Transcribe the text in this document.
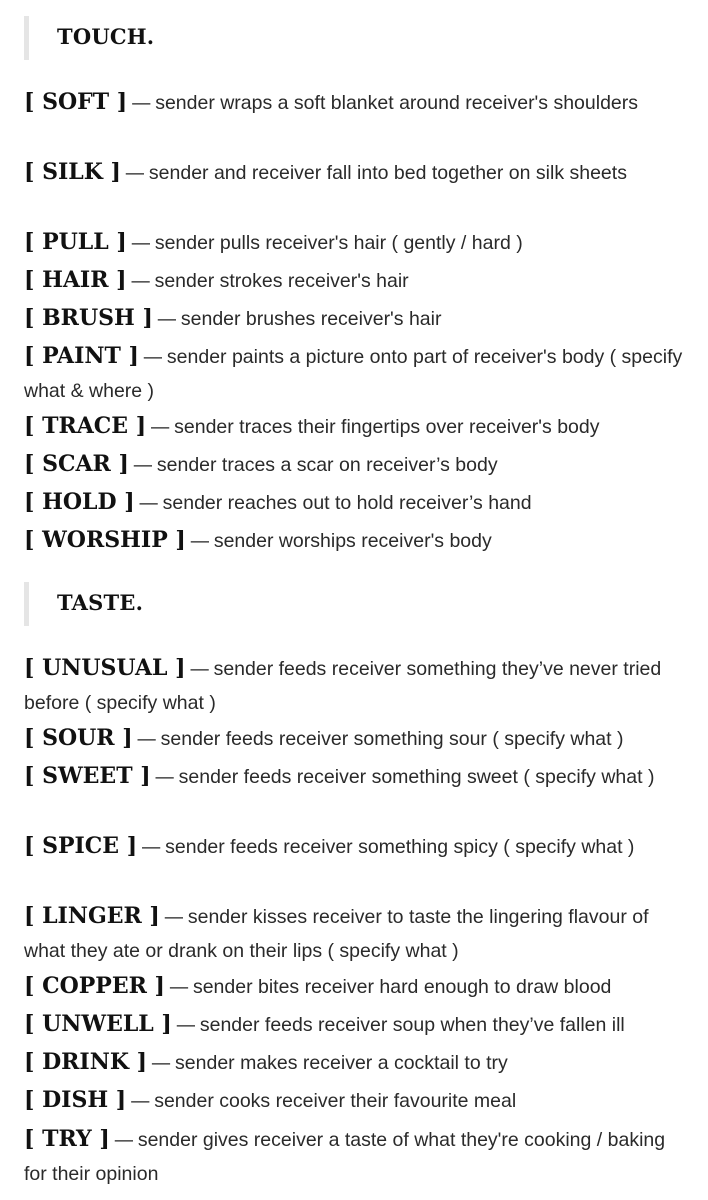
TOUCH.
[ SOFT ] — sender wraps a soft blanket around receiver's shoulders
[ SILK ] — sender and receiver fall into bed together on silk sheets
[ PULL ] — sender pulls receiver's hair ( gently / hard )
[ HAIR ] — sender strokes receiver's hair
[ BRUSH ] — sender brushes receiver's hair
[ PAINT ] — sender paints a picture onto part of receiver's body ( specify what & where )
[ TRACE ] — sender traces their fingertips over receiver's body
[ SCAR ] — sender traces a scar on receiver’s body
[ HOLD ] — sender reaches out to hold receiver’s hand
[ WORSHIP ] — sender worships receiver's body
TASTE.
[ UNUSUAL ] — sender feeds receiver something they’ve never tried before ( specify what )
[ SOUR ] — sender feeds receiver something sour ( specify what )
[ SWEET ] — sender feeds receiver something sweet ( specify what )
[ SPICE ] — sender feeds receiver something spicy ( specify what )
[ LINGER ] — sender kisses receiver to taste the lingering flavour of what they ate or drank on their lips ( specify what )
[ COPPER ] — sender bites receiver hard enough to draw blood
[ UNWELL ] — sender feeds receiver soup when they’ve fallen ill
[ DRINK ] — sender makes receiver a cocktail to try
[ DISH ] — sender cooks receiver their favourite meal
[ TRY ] — sender gives receiver a taste of what they're cooking / baking for their opinion
